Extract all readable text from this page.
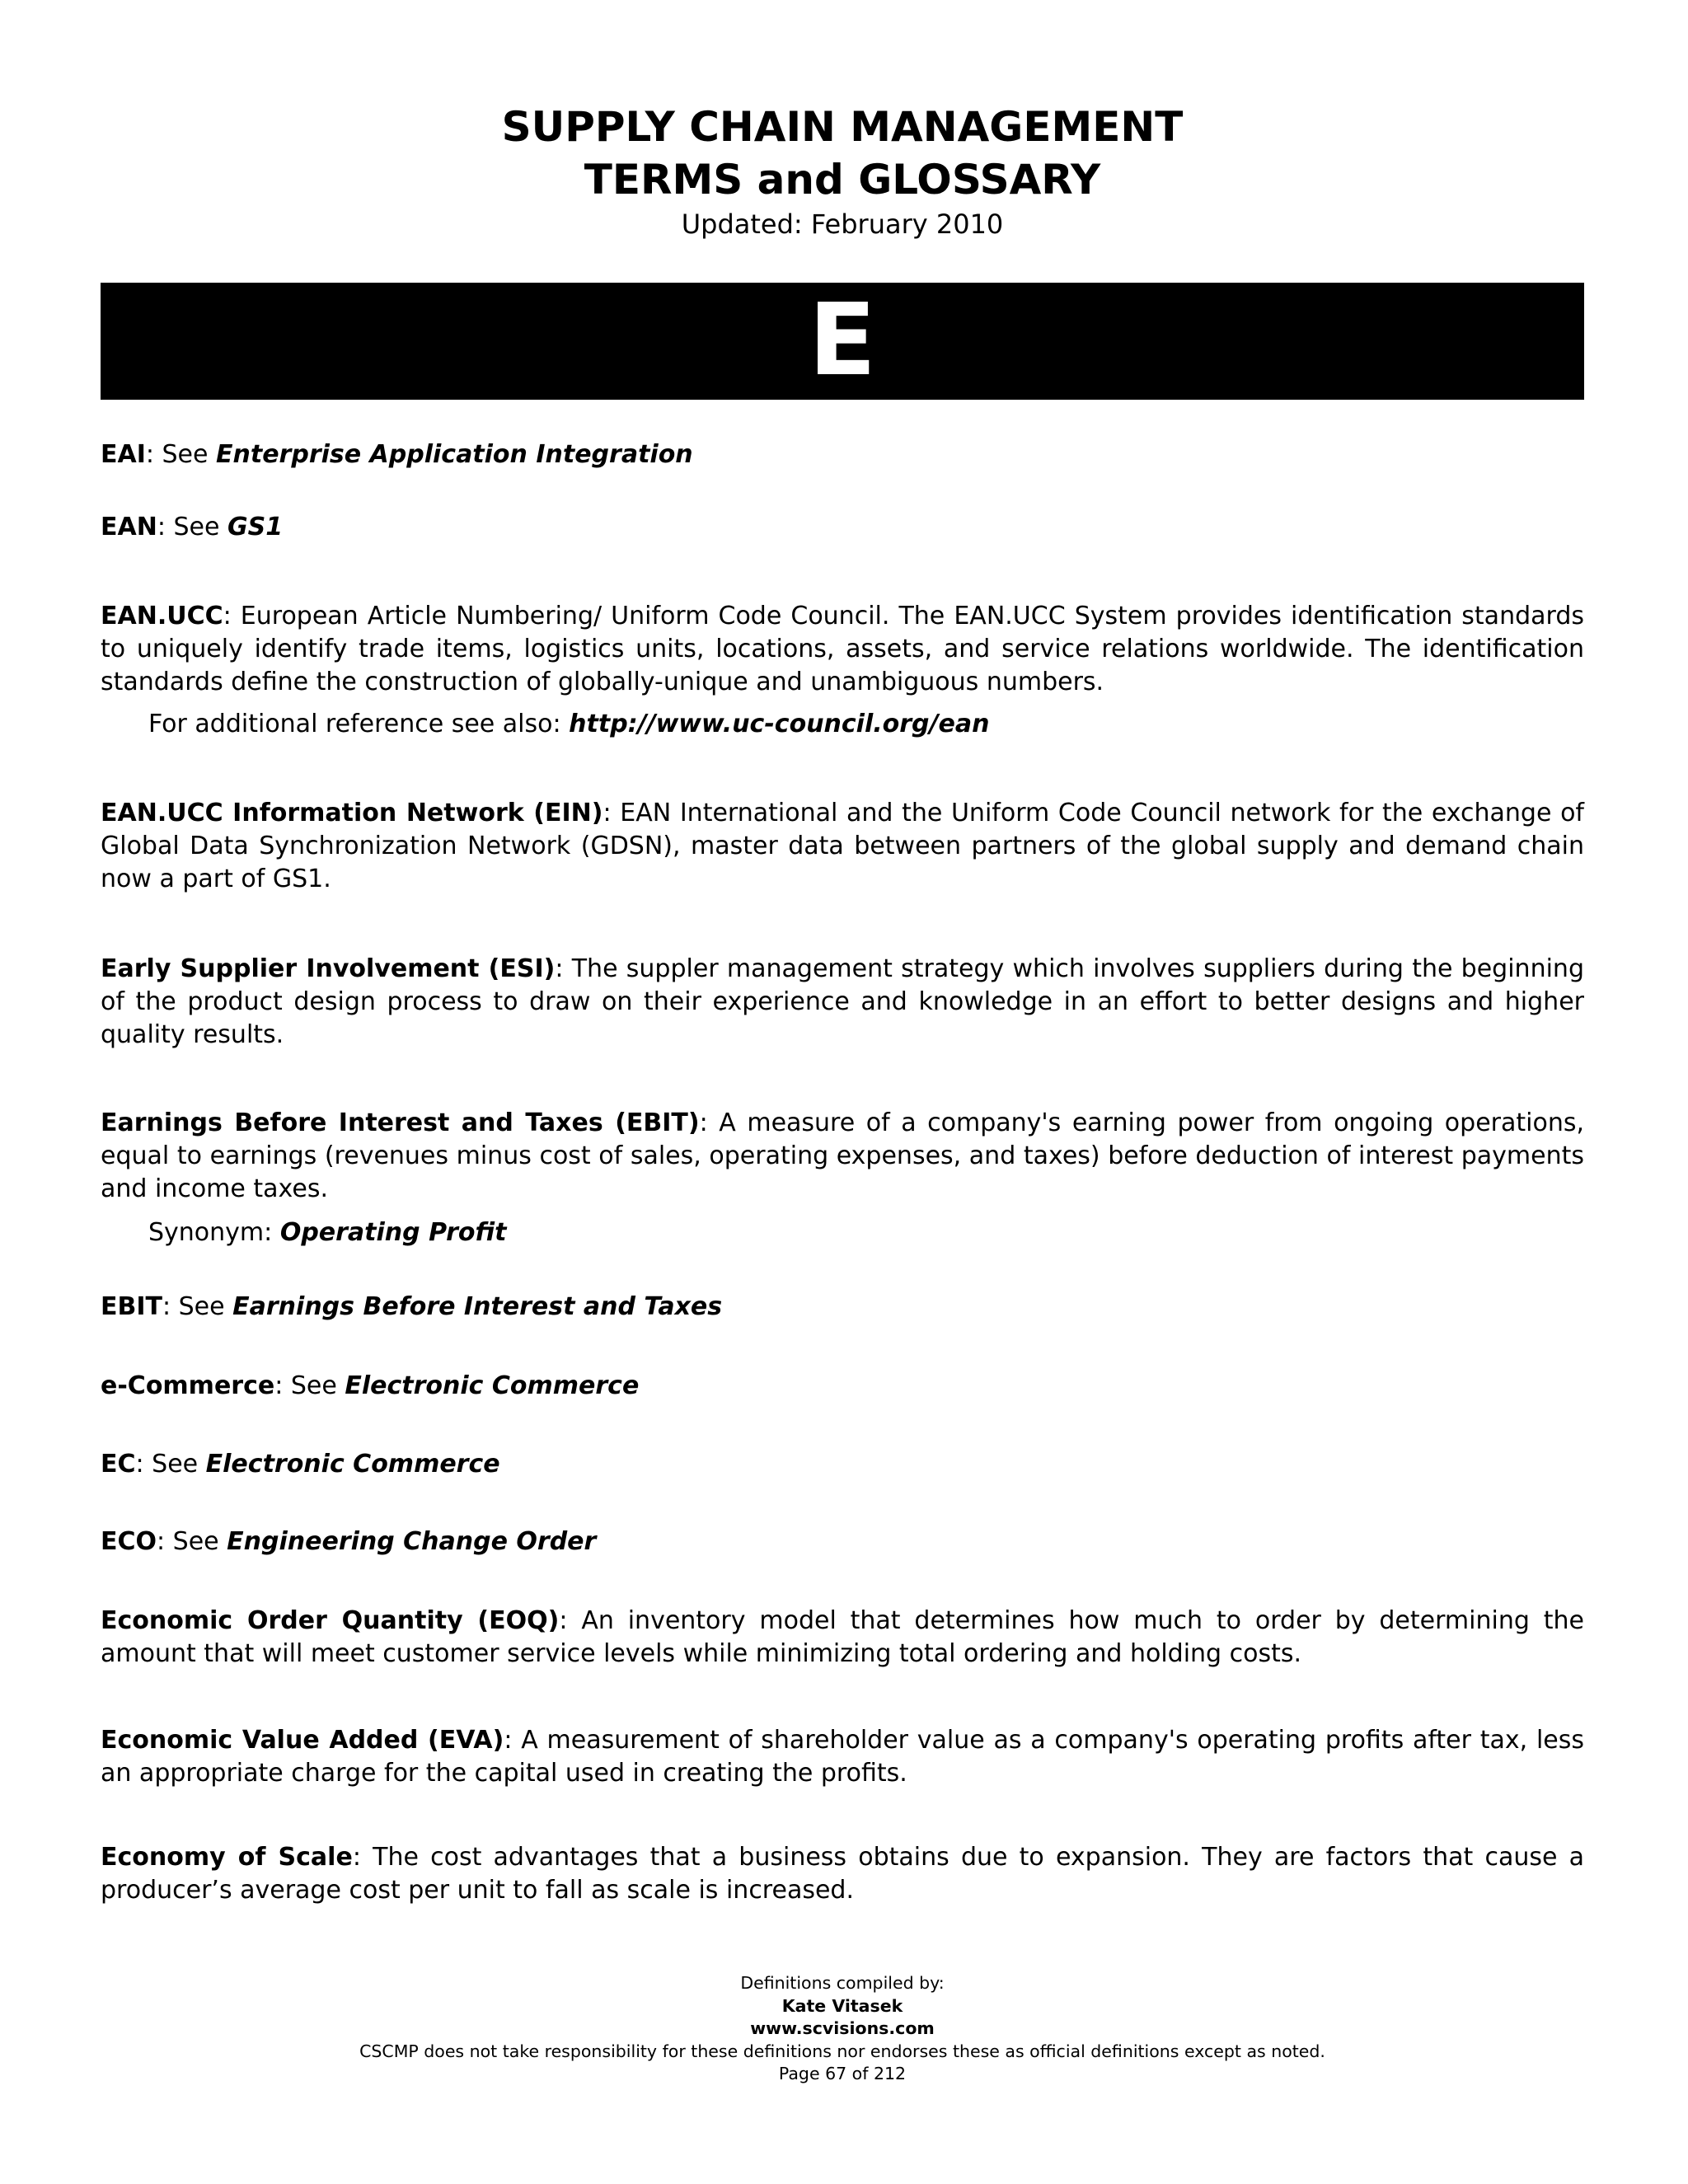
SUPPLY CHAIN MANAGEMENT
TERMS and GLOSSARY
Updated: February 2010
E

EAI: See Enterprise Application Integration

EAN: See GS1

EAN.UCC: European Article Numbering/ Uniform Code Council. The EAN.UCC System provides identification standards to uniquely identify trade items, logistics units, locations, assets, and service relations worldwide. The identification standards define the construction of globally-unique and unambiguous numbers.

For additional reference see also: http://www.uc-council.org/ean

EAN.UCC Information Network (EIN): EAN International and the Uniform Code Council network for the exchange of Global Data Synchronization Network (GDSN), master data between partners of the global supply and demand chain now a part of GS1.

Early Supplier Involvement (ESI): The suppler management strategy which involves suppliers during the beginning of the product design process to draw on their experience and knowledge in an effort to better designs and higher quality results.

Earnings Before Interest and Taxes (EBIT): A measure of a company's earning power from ongoing operations, equal to earnings (revenues minus cost of sales, operating expenses, and taxes) before deduction of interest payments and income taxes.

Synonym: Operating Profit

EBIT: See Earnings Before Interest and Taxes

e-Commerce: See Electronic Commerce

EC: See Electronic Commerce

ECO: See Engineering Change Order

Economic Order Quantity (EOQ): An inventory model that determines how much to order by determining the amount that will meet customer service levels while minimizing total ordering and holding costs.

Economic Value Added (EVA): A measurement of shareholder value as a company's operating profits after tax, less an appropriate charge for the capital used in creating the profits.

Economy of Scale: The cost advantages that a business obtains due to expansion. They are factors that cause a producer’s average cost per unit to fall as scale is increased.

Definitions compiled by:
Kate Vitasek
www.scvisions.com
CSCMP does not take responsibility for these definitions nor endorses these as official definitions except as noted.
Page 67 of 212
